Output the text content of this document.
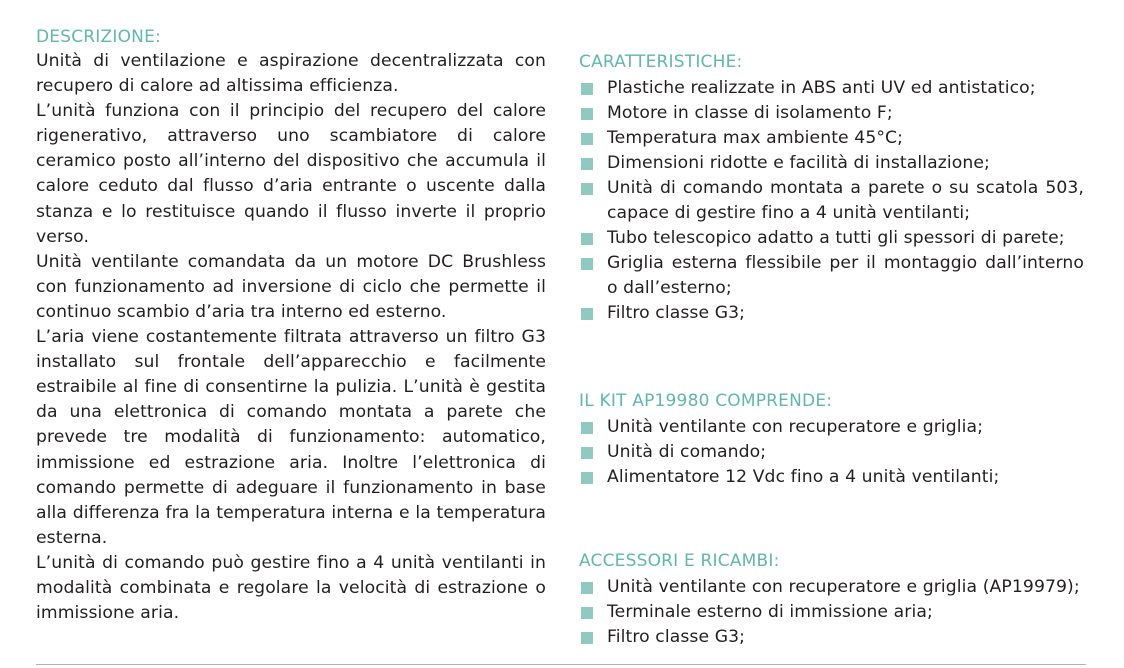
DESCRIZIONE:

Unità di ventilazione e aspirazione decentralizzata con recupero di calore ad altissima efficienza.

L’unità funziona con il principio del recupero del calore rigenerativo, attraverso uno scambiatore di calore ceramico posto all’interno del dispositivo che accumula il calore ceduto dal flusso d’aria entrante o uscente dalla stanza e lo restituisce quando il flusso inverte il proprio verso.

Unità ventilante comandata da un motore DC Brushless con funzionamento ad inversione di ciclo che permette il continuo scambio d’aria tra interno ed esterno.

L’aria viene costantemente filtrata attraverso un filtro G3 installato sul frontale dell’apparecchio e facilmente estraibile al fine di consentirne la pulizia. L’unità è gestita da una elettronica di comando montata a parete che prevede tre modalità di funzionamento: automatico, immissione ed estrazione aria. Inoltre l’elettronica di comando permette di adeguare il funzionamento in base alla differenza fra la temperatura interna e la temperatura esterna.

L’unità di comando può gestire fino a 4 unità ventilanti in modalità combinata e regolare la velocità di estrazione o immissione aria.

CARATTERISTICHE:

Plastiche realizzate in ABS anti UV ed antistatico;
Motore in classe di isolamento F;
Temperatura max ambiente 45°C;
Dimensioni ridotte e facilità di installazione;
Unità di comando montata a parete o su scatola 503, capace di gestire fino a 4 unità ventilanti;
Tubo telescopico adatto a tutti gli spessori di parete;
Griglia esterna flessibile per il montaggio dall’interno o dall’esterno;
Filtro classe G3;

IL KIT AP19980 COMPRENDE:

Unità ventilante con recuperatore e griglia;
Unità di comando;
Alimentatore 12 Vdc fino a 4 unità ventilanti;

ACCESSORI E RICAMBI:

Unità ventilante con recuperatore e griglia (AP19979);
Terminale esterno di immissione aria;
Filtro classe G3;
